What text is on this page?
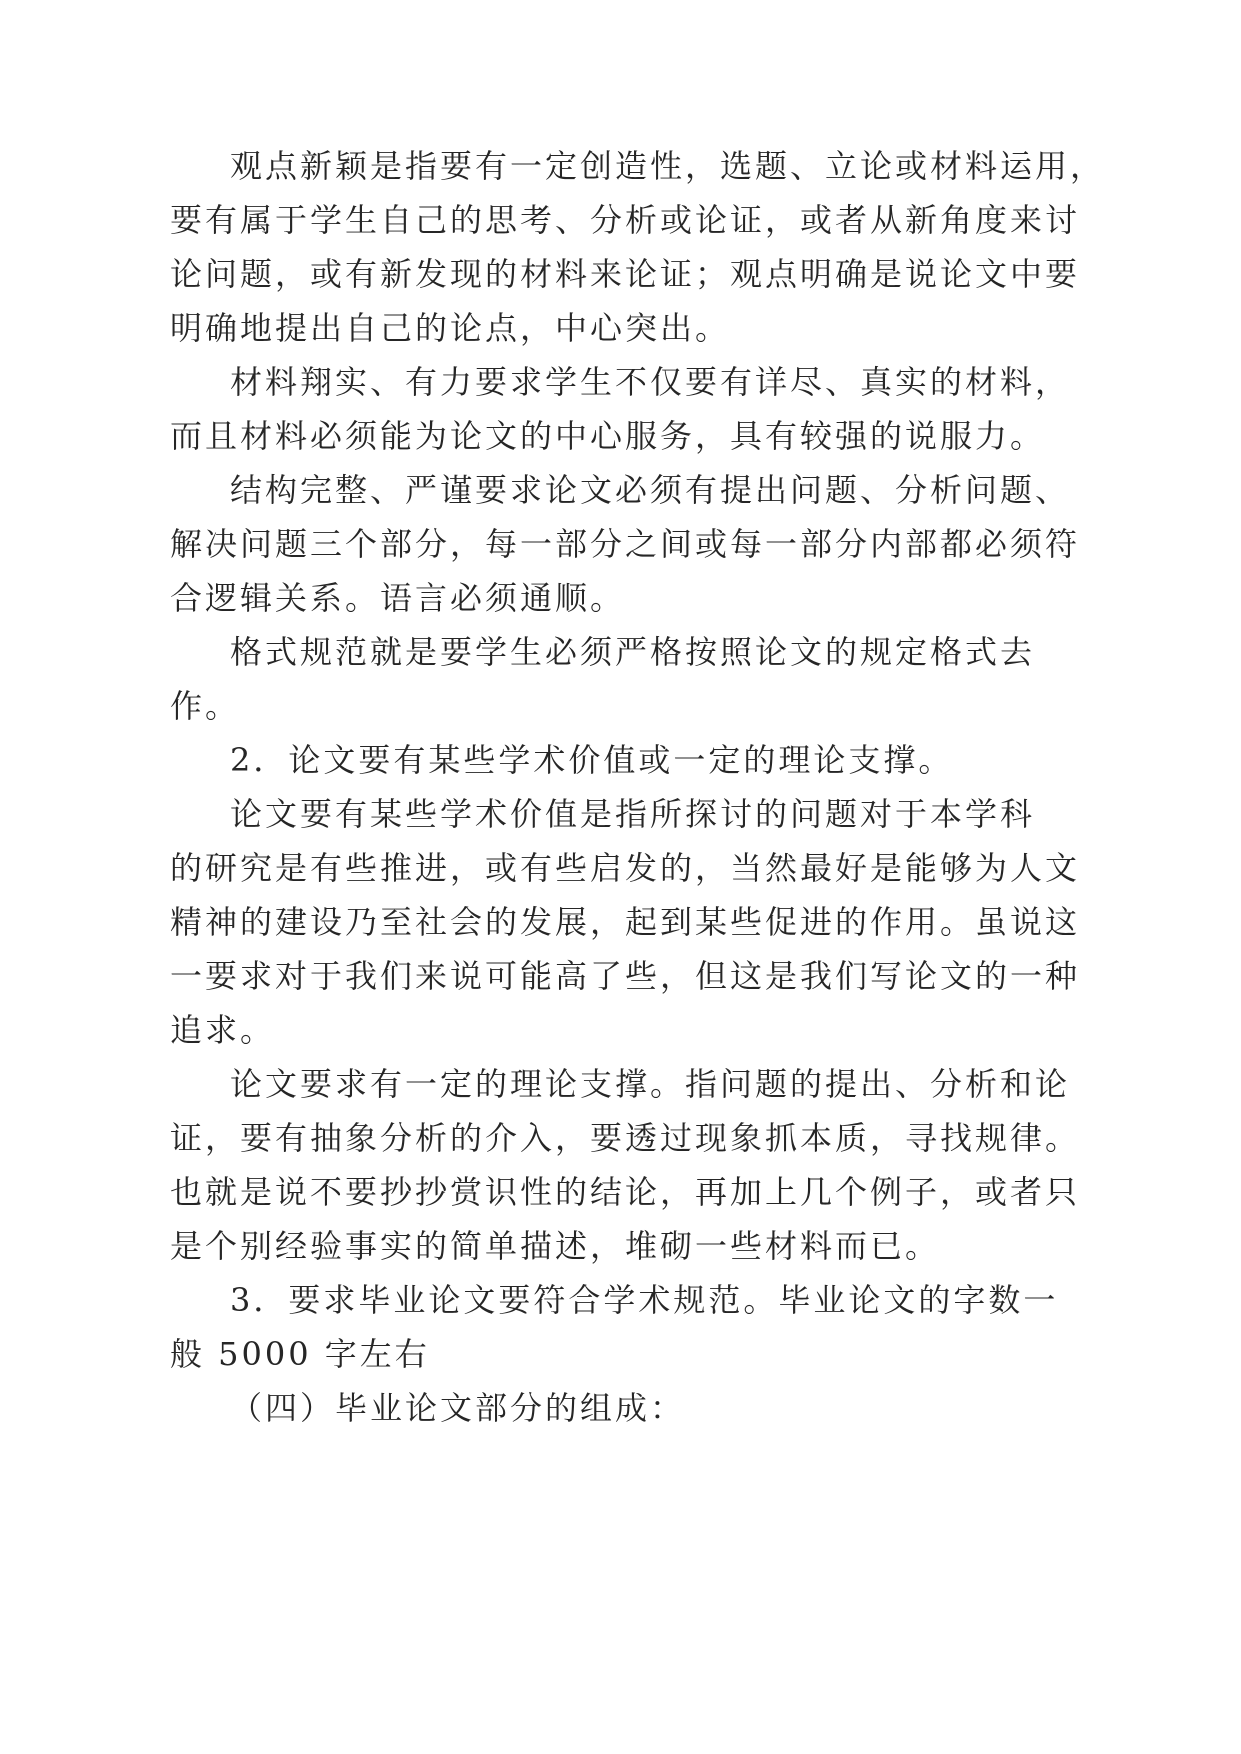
观点新颖是指要有一定创造性，选题、立论或材料运用，

要有属于学生自己的思考、分析或论证，或者从新角度来讨

论问题，或有新发现的材料来论证；观点明确是说论文中要

明确地提出自己的论点，中心突出。

材料翔实、有力要求学生不仅要有详尽、真实的材料，

而且材料必须能为论文的中心服务，具有较强的说服力。

结构完整、严谨要求论文必须有提出问题、分析问题、

解决问题三个部分，每一部分之间或每一部分内部都必须符

合逻辑关系。语言必须通顺。

格式规范就是要学生必须严格按照论文的规定格式去

作。

2．论文要有某些学术价值或一定的理论支撑。

论文要有某些学术价值是指所探讨的问题对于本学科

的研究是有些推进，或有些启发的，当然最好是能够为人文

精神的建设乃至社会的发展，起到某些促进的作用。虽说这

一要求对于我们来说可能高了些，但这是我们写论文的一种

追求。

论文要求有一定的理论支撑。指问题的提出、分析和论

证，要有抽象分析的介入，要透过现象抓本质，寻找规律。

也就是说不要抄抄赏识性的结论，再加上几个例子，或者只

是个别经验事实的简单描述，堆砌一些材料而已。

3．要求毕业论文要符合学术规范。毕业论文的字数一

般 5000 字左右

（四）毕业论文部分的组成：
